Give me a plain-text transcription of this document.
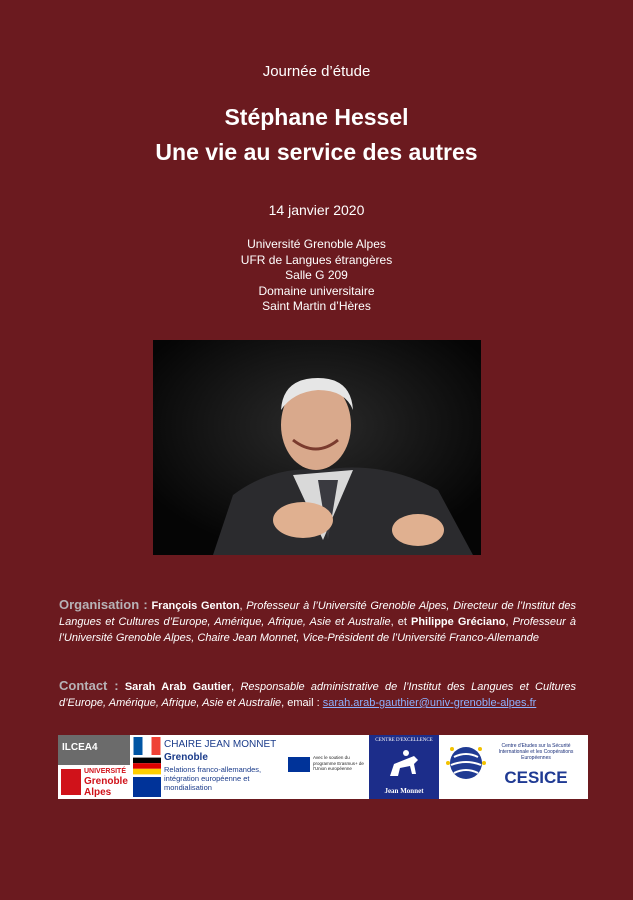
Journée d’étude
Stéphane Hessel
Une vie au service des autres
14 janvier 2020
Université Grenoble Alpes
UFR de Langues étrangères
Salle G 209
Domaine universitaire
Saint Martin d’Hères
Organisation : François Genton, Professeur à l’Université Grenoble Alpes, Directeur de l’Institut des Langues et Cultures d’Europe, Amérique, Afrique, Asie et Australie, et Philippe Gréciano, Professeur à l’Université Grenoble Alpes, Chaire Jean Monnet, Vice-Président de l’Université Franco-Allemande
Contact : Sarah Arab Gautier, Responsable administrative de l’Institut des Langues et Cultures d’Europe, Amérique, Afrique, Asie et Australie, email : sarah.arab-gauthier@univ-grenoble-alpes.fr
ILCEA4
UNIVERSITÉ
Grenoble
Alpes
CHAIRE JEAN MONNET
Grenoble
Relations franco-allemandes, intégration européenne et mondialisation
Avec le soutien du programme Erasmus+ de l'Union européenne
CENTRE D'EXCELLENCE
Jean Monnet
Centre d'Etudes sur la Sécurité Internationale et les Coopérations Européennes
CESICE
